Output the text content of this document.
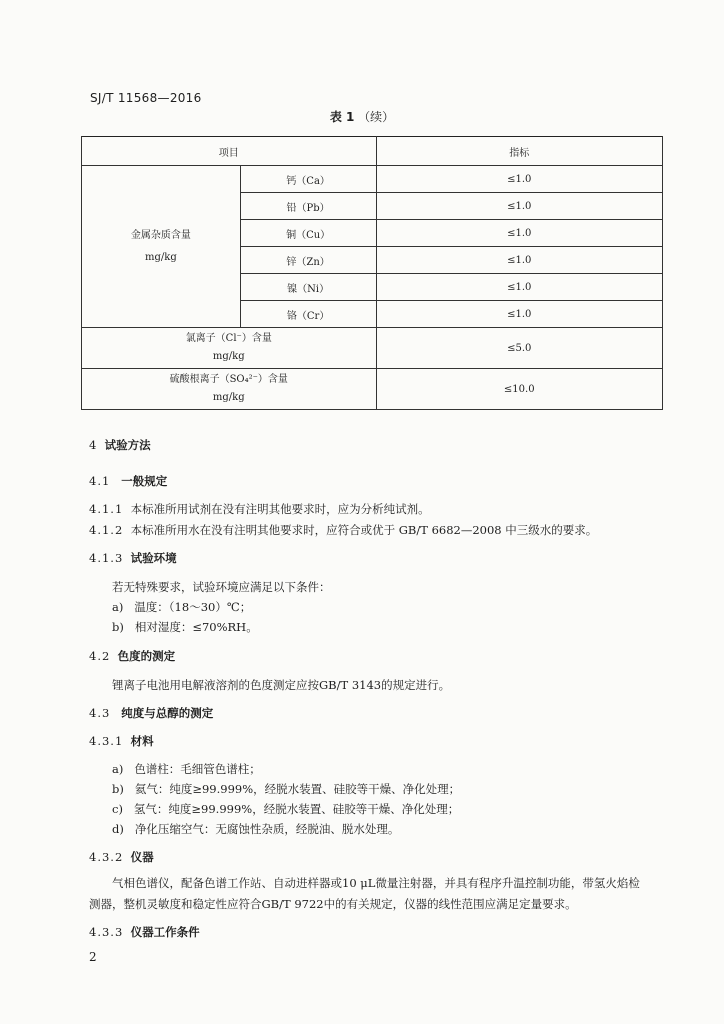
SJ/T 11568—2016
表 1 （续）
项目		指标
金属杂质含量
mg/kg	钙（Ca）	≤1.0
	铅（Pb）	≤1.0
	铜（Cu）	≤1.0
	锌（Zn）	≤1.0
	镍（Ni）	≤1.0
	铬（Cr）	≤1.0
氯离子（Cl⁻）含量
mg/kg		≤5.0
硫酸根离子（SO₄²⁻）含量
mg/kg		≤10.0
4 试验方法
4.1 一般规定
4.1.1 本标准所用试剂在没有注明其他要求时，应为分析纯试剂。
4.1.2 本标准所用水在没有注明其他要求时，应符合或优于 GB/T 6682—2008 中三级水的要求。
4.1.3 试验环境
若无特殊要求，试验环境应满足以下条件：
a) 温度：（18～30）℃；
b) 相对湿度：≤70%RH。
4.2 色度的测定
锂离子电池用电解液溶剂的色度测定应按GB/T 3143的规定进行。
4.3 纯度与总醇的测定
4.3.1 材料
a) 色谱柱：毛细管色谱柱；
b) 氦气：纯度≥99.999%，经脱水装置、硅胶等干燥、净化处理；
c) 氢气：纯度≥99.999%，经脱水装置、硅胶等干燥、净化处理；
d) 净化压缩空气：无腐蚀性杂质，经脱油、脱水处理。
4.3.2 仪器
气相色谱仪，配备色谱工作站、自动进样器或10 μL微量注射器，并具有程序升温控制功能，带氢火焰检测器，整机灵敏度和稳定性应符合GB/T 9722中的有关规定，仪器的线性范围应满足定量要求。
4.3.3 仪器工作条件
2
